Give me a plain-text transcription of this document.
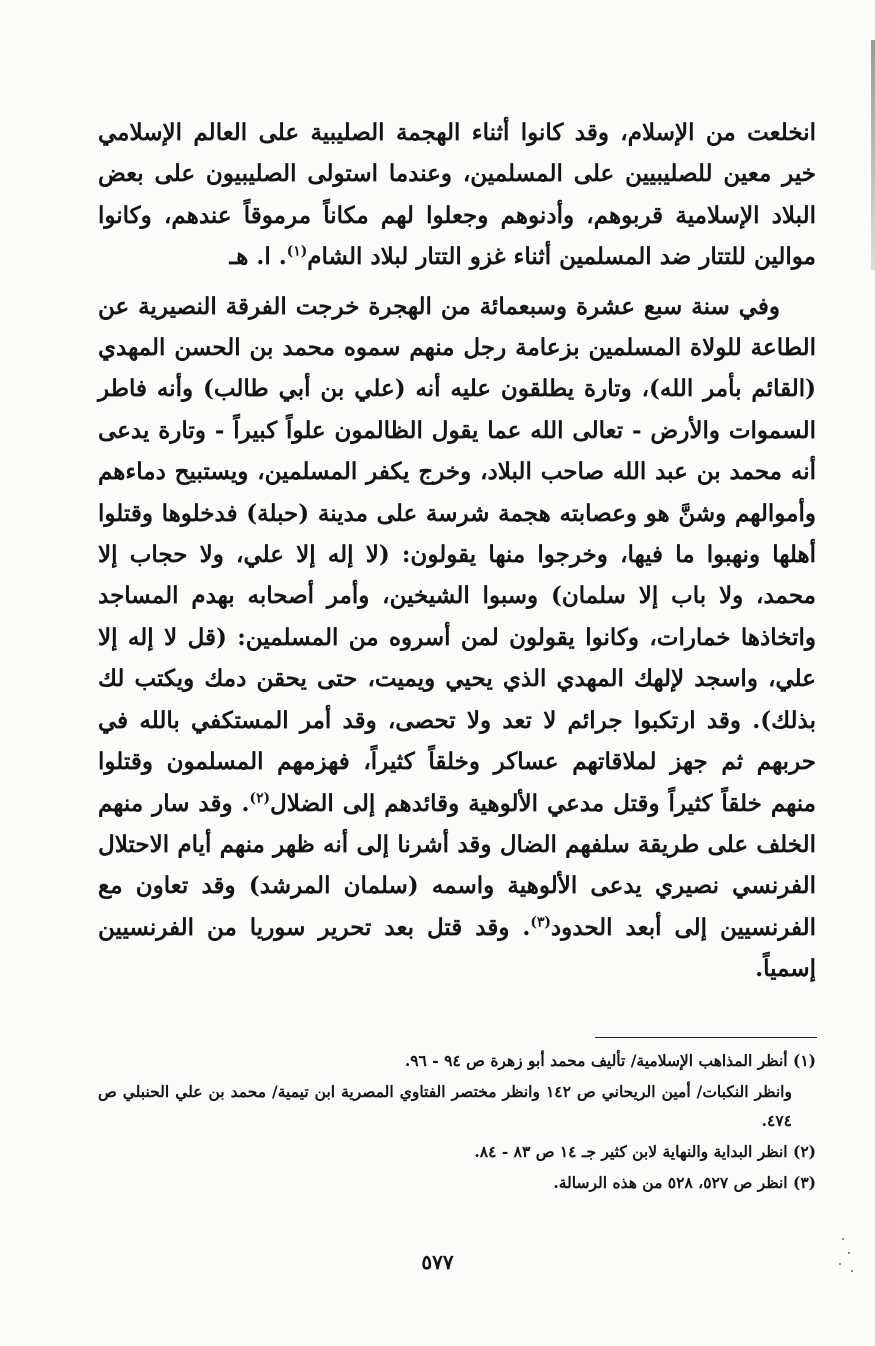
انخلعت من الإسلام، وقد كانوا أثناء الهجمة الصليبية على العالم الإسلامي خير معين للصليبيين على المسلمين، وعندما استولى الصليبيون على بعض البلاد الإسلامية قربوهم، وأدنوهم وجعلوا لهم مكاناً مرموقاً عندهم، وكانوا موالين للتتار ضد المسلمين أثناء غزو التتار لبلاد الشام$^{(١)}$. ا. هـ

وفي سنة سبع عشرة وسبعمائة من الهجرة خرجت الفرقة النصيرية عن الطاعة للولاة المسلمين بزعامة رجل منهم سموه محمد بن الحسن المهدي (القائم بأمر الله)، وتارة يطلقون عليه أنه (علي بن أبي طالب) وأنه فاطر السموات والأرض - تعالى الله عما يقول الظالمون علواً كبيراً - وتارة يدعى أنه محمد بن عبد الله صاحب البلاد، وخرج يكفر المسلمين، ويستبيح دماءهم وأموالهم وشنَّ هو وعصابته هجمة شرسة على مدينة (حبلة) فدخلوها وقتلوا أهلها ونهبوا ما فيها، وخرجوا منها يقولون: (لا إله إلا علي، ولا حجاب إلا محمد، ولا باب إلا سلمان) وسبوا الشيخين، وأمر أصحابه بهدم المساجد واتخاذها خمارات، وكانوا يقولون لمن أسروه من المسلمين: (قل لا إله إلا علي، واسجد لإلهك المهدي الذي يحيي ويميت، حتى يحقن دمك ويكتب لك بذلك). وقد ارتكبوا جرائم لا تعد ولا تحصى، وقد أمر المستكفي بالله في حربهم ثم جهز لملاقاتهم عساكر وخلقاً كثيراً، فهزمهم المسلمون وقتلوا منهم خلقاً كثيراً وقتل مدعي الألوهية وقائدهم إلى الضلال$^{(٢)}$. وقد سار منهم الخلف على طريقة سلفهم الضال وقد أشرنا إلى أنه ظهر منهم أيام الاحتلال الفرنسي نصيري يدعى الألوهية واسمه (سلمان المرشد) وقد تعاون مع الفرنسيين إلى أبعد الحدود$^{(٣)}$. وقد قتل بعد تحرير سوريا من الفرنسيين إسمياً.

(١) أنظر المذاهب الإسلامية/ تأليف محمد أبو زهرة ص ٩٤ - ٩٦.

وانظر النكبات/ أمين الريحاني ص ١٤٢ وانظر مختصر الفتاوي المصرية ابن تيمية/ محمد بن علي الحنبلي ص ٤٧٤.

(٢) انظر البداية والنهاية لابن كثير جـ ١٤ ص ٨٣ - ٨٤.

(٣) انظر ص ٥٢٧، ٥٢٨ من هذه الرسالة.

٥٧٧
